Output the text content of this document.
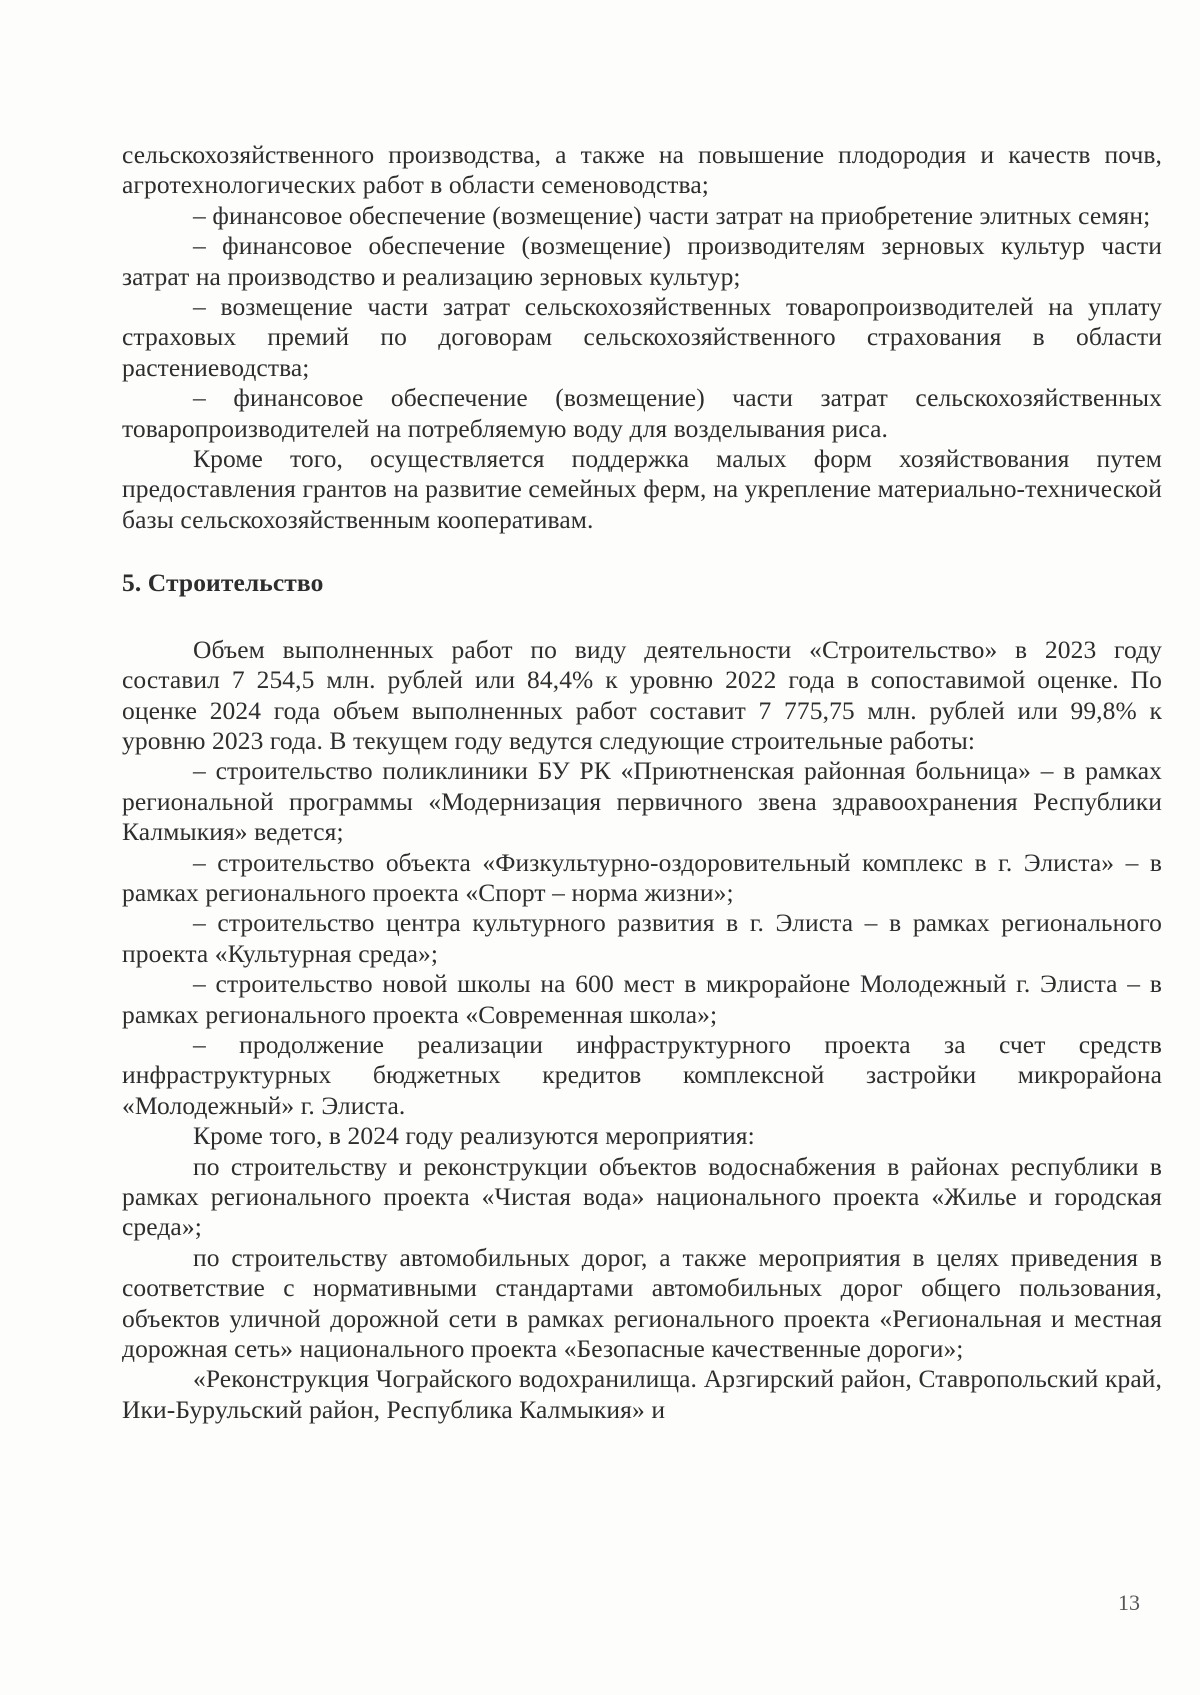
сельскохозяйственного производства, а также на повышение плодородия и качеств почв, агротехнологических работ в области семеноводства;

– финансовое обеспечение (возмещение) части затрат на приобретение элитных семян;

– финансовое обеспечение (возмещение) производителям зерновых культур части затрат на производство и реализацию зерновых культур;

– возмещение части затрат сельскохозяйственных товаропроизводителей на уплату страховых премий по договорам сельскохозяйственного страхования в области растениеводства;

– финансовое обеспечение (возмещение) части затрат сельскохозяйственных товаропроизводителей на потребляемую воду для возделывания риса.

Кроме того, осуществляется поддержка малых форм хозяйствования путем предоставления грантов на развитие семейных ферм, на укрепление материально-технической базы сельскохозяйственным кооперативам.

5. Строительство

Объем выполненных работ по виду деятельности «Строительство» в 2023 году составил 7 254,5 млн. рублей или 84,4% к уровню 2022 года в сопоставимой оценке. По оценке 2024 года объем выполненных работ составит 7 775,75 млн. рублей или 99,8% к уровню 2023 года. В текущем году ведутся следующие строительные работы:

– строительство поликлиники БУ РК «Приютненская районная больница» – в рамках региональной программы «Модернизация первичного звена здравоохранения Республики Калмыкия» ведется;

– строительство объекта «Физкультурно-оздоровительный комплекс в г. Элиста» – в рамках регионального проекта «Спорт – норма жизни»;

– строительство центра культурного развития в г. Элиста – в рамках регионального проекта «Культурная среда»;

– строительство новой школы на 600 мест в микрорайоне Молодежный г. Элиста – в рамках регионального проекта «Современная школа»;

– продолжение реализации инфраструктурного проекта за счет средств инфраструктурных бюджетных кредитов комплексной застройки микрорайона «Молодежный» г. Элиста.

Кроме того, в 2024 году реализуются мероприятия:

по строительству и реконструкции объектов водоснабжения в районах республики в рамках регионального проекта «Чистая вода» национального проекта «Жилье и городская среда»;

по строительству автомобильных дорог, а также мероприятия в целях приведения в соответствие с нормативными стандартами автомобильных дорог общего пользования, объектов уличной дорожной сети в рамках регионального проекта «Региональная и местная дорожная сеть» национального проекта «Безопасные качественные дороги»;

«Реконструкция Чограйского водохранилища. Арзгирский район, Ставропольский край, Ики-Бурульский район, Республика Калмыкия» и

13
